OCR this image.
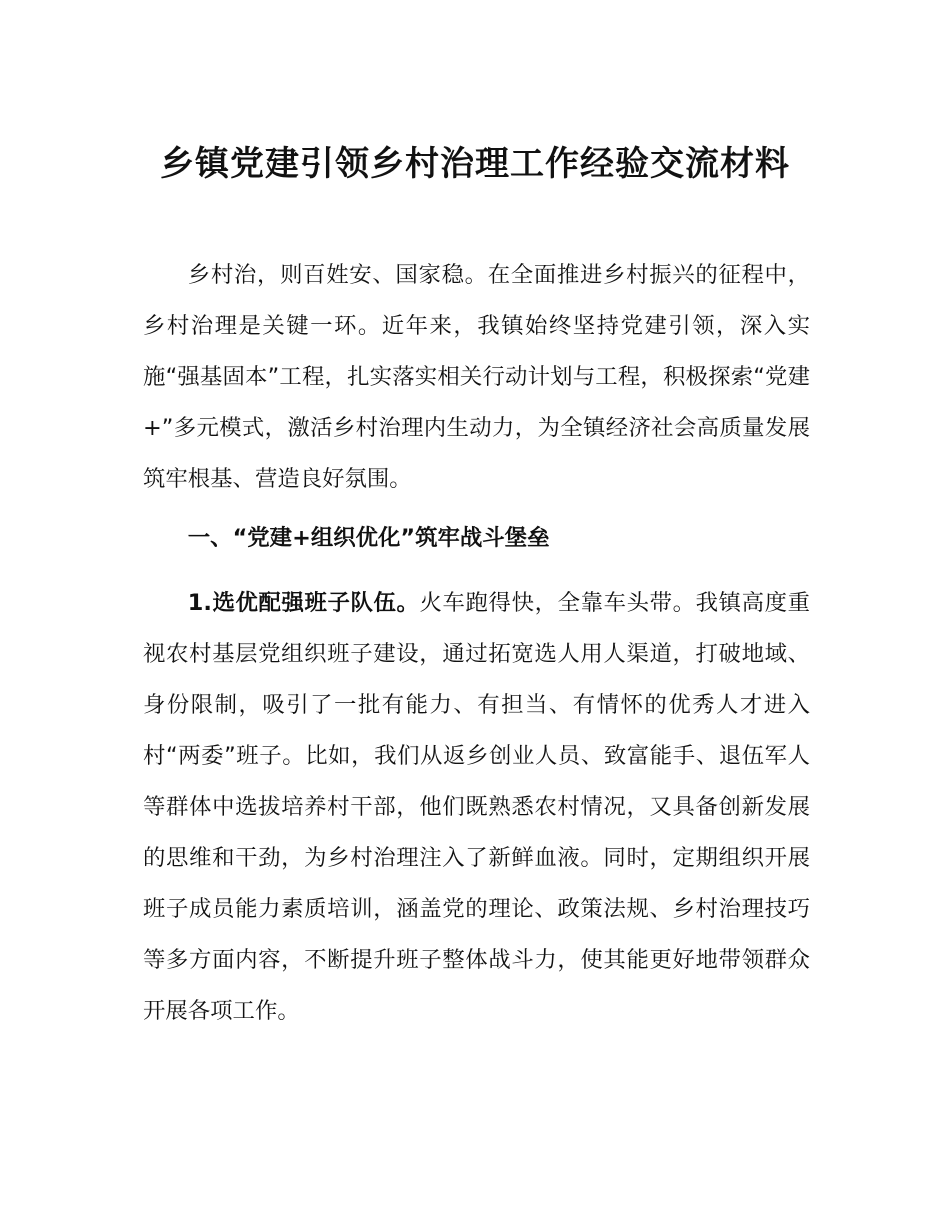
乡镇党建引领乡村治理工作经验交流材料

乡村治，则百姓安、国家稳。在全面推进乡村振兴的征程中，乡村治理是关键一环。近年来，我镇始终坚持党建引领，深入实施“强基固本”工程，扎实落实相关行动计划与工程，积极探索“党建+”多元模式，激活乡村治理内生动力，为全镇经济社会高质量发展筑牢根基、营造良好氛围。

一、“党建+组织优化”筑牢战斗堡垒

1.选优配强班子队伍。火车跑得快，全靠车头带。我镇高度重视农村基层党组织班子建设，通过拓宽选人用人渠道，打破地域、身份限制，吸引了一批有能力、有担当、有情怀的优秀人才进入村“两委”班子。比如，我们从返乡创业人员、致富能手、退伍军人等群体中选拔培养村干部，他们既熟悉农村情况，又具备创新发展的思维和干劲，为乡村治理注入了新鲜血液。同时，定期组织开展班子成员能力素质培训，涵盖党的理论、政策法规、乡村治理技巧等多方面内容，不断提升班子整体战斗力，使其能更好地带领群众开展各项工作。
